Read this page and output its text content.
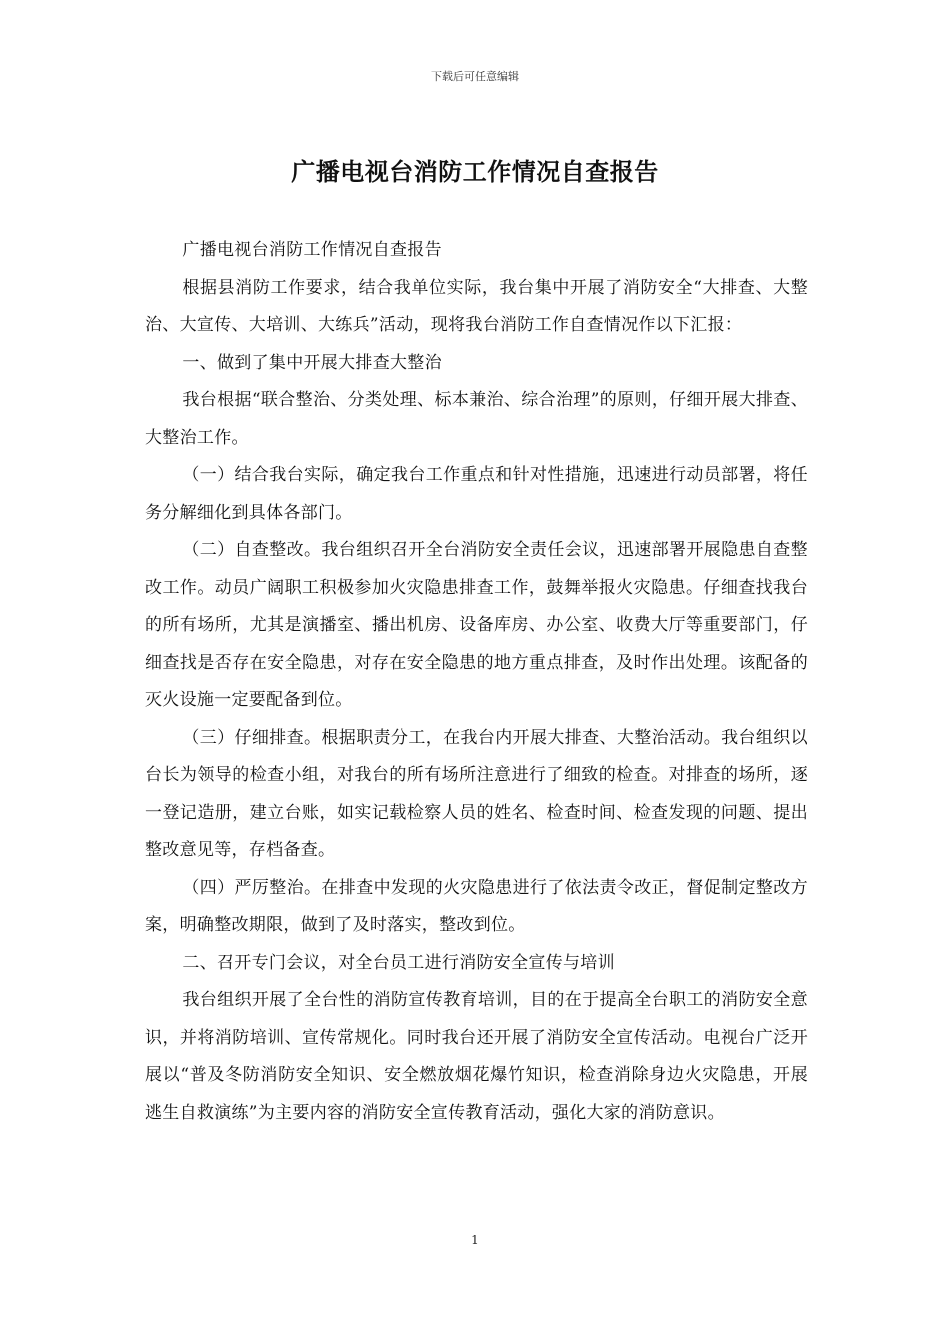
下载后可任意编辑
广播电视台消防工作情况自查报告

广播电视台消防工作情况自查报告

根据县消防工作要求，结合我单位实际，我台集中开展了消防安全“大排查、大整治、大宣传、大培训、大练兵”活动，现将我台消防工作自查情况作以下汇报：

一、做到了集中开展大排查大整治

我台根据“联合整治、分类处理、标本兼治、综合治理”的原则，仔细开展大排查、大整治工作。

（一）结合我台实际，确定我台工作重点和针对性措施，迅速进行动员部署，将任务分解细化到具体各部门。

（二）自查整改。我台组织召开全台消防安全责任会议，迅速部署开展隐患自查整改工作。动员广阔职工积极参加火灾隐患排查工作，鼓舞举报火灾隐患。仔细查找我台的所有场所，尤其是演播室、播出机房、设备库房、办公室、收费大厅等重要部门，仔细查找是否存在安全隐患，对存在安全隐患的地方重点排查，及时作出处理。该配备的灭火设施一定要配备到位。

（三）仔细排查。根据职责分工，在我台内开展大排查、大整治活动。我台组织以台长为领导的检查小组，对我台的所有场所注意进行了细致的检查。对排查的场所，逐一登记造册，建立台账，如实记载检察人员的姓名、检查时间、检查发现的问题、提出整改意见等，存档备查。

（四）严厉整治。在排查中发现的火灾隐患进行了依法责令改正，督促制定整改方案，明确整改期限，做到了及时落实，整改到位。

二、召开专门会议，对全台员工进行消防安全宣传与培训

我台组织开展了全台性的消防宣传教育培训，目的在于提高全台职工的消防安全意识，并将消防培训、宣传常规化。同时我台还开展了消防安全宣传活动。电视台广泛开展以“普及冬防消防安全知识、安全燃放烟花爆竹知识，检查消除身边火灾隐患，开展逃生自救演练”为主要内容的消防安全宣传教育活动，强化大家的消防意识。

1
